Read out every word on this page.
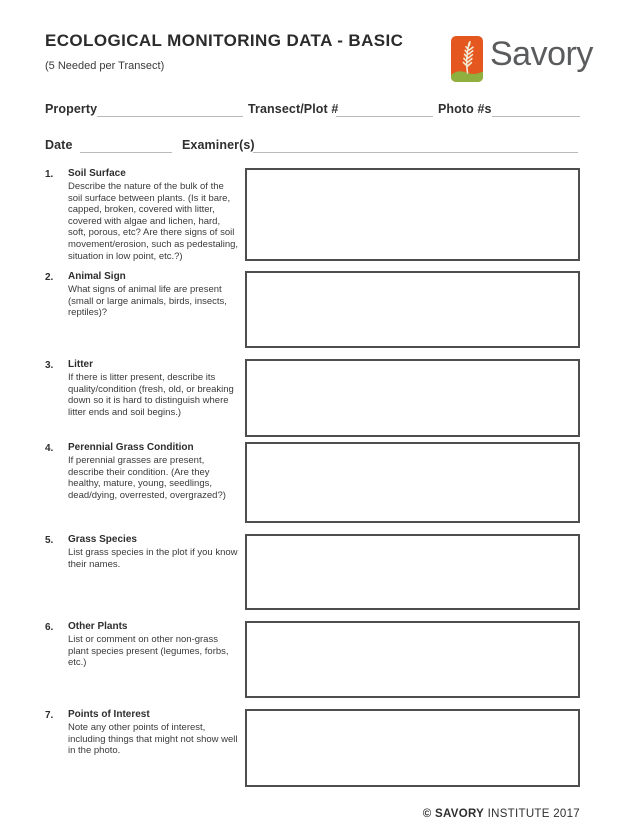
ECOLOGICAL MONITORING DATA - BASIC
(5 Needed per Transect)	Savory
Property	Transect/Plot #	Photo #s
Date	Examiner(s)
1.	Soil Surface
Describe the nature of the bulk of the soil surface between plants. (Is it bare, capped, broken, covered with litter, covered with algae and lichen, hard, soft, porous, etc? Are there signs of soil movement/erosion, such as pedestaling, situation in low point, etc.?)
2.	Animal Sign
What signs of animal life are present (small or large animals, birds, insects, reptiles)?
3.	Litter
If there is litter present, describe its quality/condition (fresh, old, or breaking down so it is hard to distinguish where litter ends and soil begins.)
4.	Perennial Grass Condition
If perennial grasses are present, describe their condition. (Are they healthy, mature, young, seedlings, dead/dying, overrested, overgrazed?)
5.	Grass Species
List grass species in the plot if you know their names.
6.	Other Plants
List or comment on other non-grass plant species present (legumes, forbs, etc.)
7.	Points of Interest
Note any other points of interest, including things that might not show well in the photo.
© SAVORY INSTITUTE 2017
